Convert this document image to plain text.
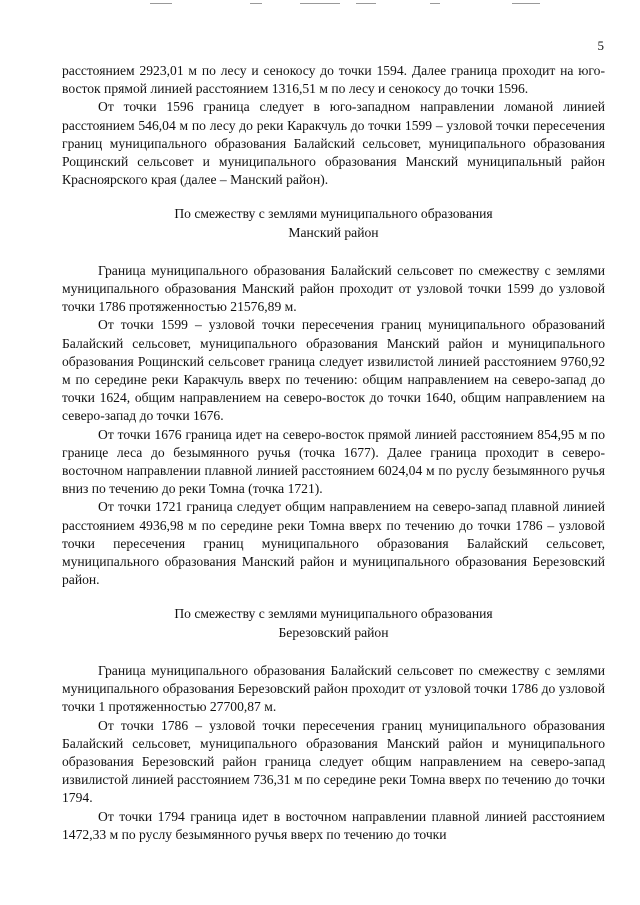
5

расстоянием 2923,01 м по лесу и сенокосу до точки 1594. Далее граница проходит на юго-восток прямой линией расстоянием 1316,51 м по лесу и сенокосу до точки 1596.

От точки 1596 граница следует в юго-западном направлении ломаной линией расстоянием 546,04 м по лесу до реки Каракчуль до точки 1599 – узловой точки пересечения границ муниципального образования Балайский сельсовет, муниципального образования Рощинский сельсовет и муниципального образования Манский муниципальный район Красноярского края (далее – Манский район).

По смежеству с землями муниципального образования
Манский район

Граница муниципального образования Балайский сельсовет по смежеству с землями муниципального образования Манский район проходит от узловой точки 1599 до узловой точки 1786 протяженностью 21576,89 м.

От точки 1599 – узловой точки пересечения границ муниципального образований Балайский сельсовет, муниципального образования Манский район и муниципального образования Рощинский сельсовет граница следует извилистой линией расстоянием 9760,92 м по середине реки Каракчуль вверх по течению: общим направлением на северо-запад до точки 1624, общим направлением на северо-восток до точки 1640, общим направлением на северо-запад до точки 1676.

От точки 1676 граница идет на северо-восток прямой линией расстоянием 854,95 м по границе леса до безымянного ручья (точка 1677). Далее граница проходит в северо-восточном направлении плавной линией расстоянием 6024,04 м по руслу безымянного ручья вниз по течению до реки Томна (точка 1721).

От точки 1721 граница следует общим направлением на северо-запад плавной линией расстоянием 4936,98 м по середине реки Томна вверх по течению до точки 1786 – узловой точки пересечения границ муниципального образования Балайский сельсовет, муниципального образования Манский район и муниципального образования Березовский район.

По смежеству с землями муниципального образования
Березовский район

Граница муниципального образования Балайский сельсовет по смежеству с землями муниципального образования Березовский район проходит от узловой точки 1786 до узловой точки 1 протяженностью 27700,87 м.

От точки 1786 – узловой точки пересечения границ муниципального образования Балайский сельсовет, муниципального образования Манский район и муниципального образования Березовский район граница следует общим направлением на северо-запад извилистой линией расстоянием 736,31 м по середине реки Томна вверх по течению до точки 1794.

От точки 1794 граница идет в восточном направлении плавной линией расстоянием 1472,33 м по руслу безымянного ручья вверх по течению до точки
